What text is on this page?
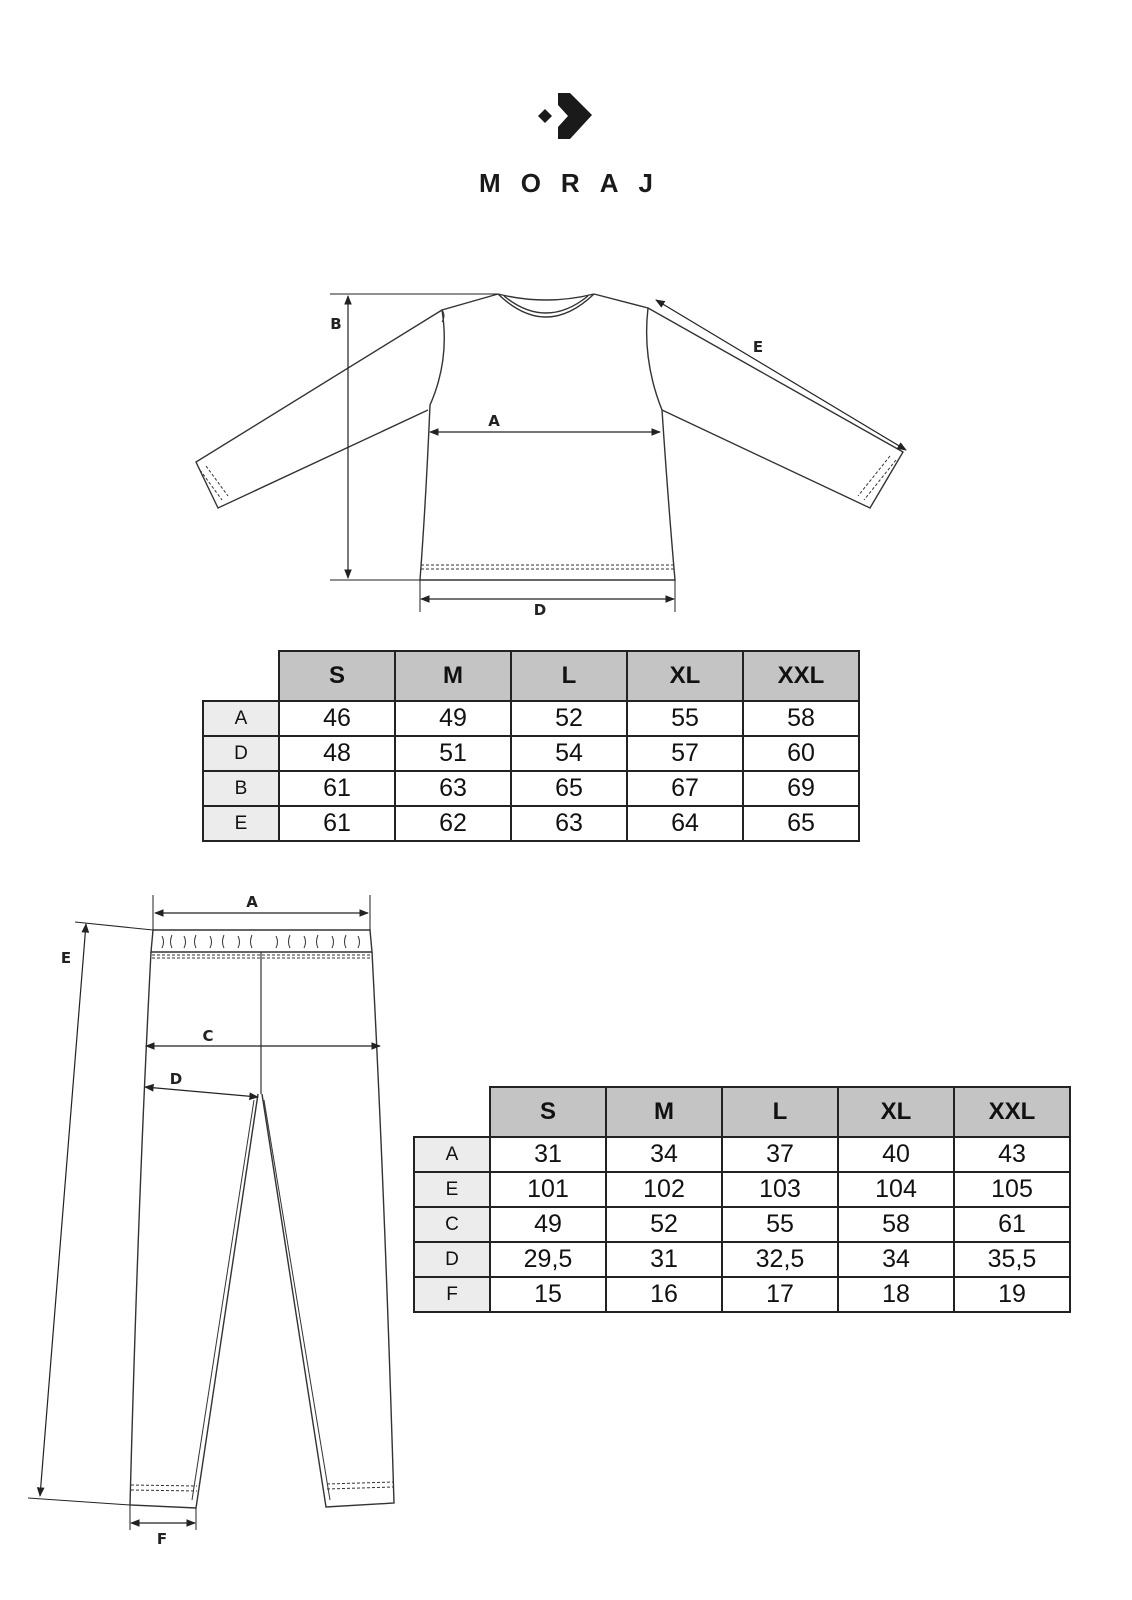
MORAJ
B
A
D
E
A
E
C
D
F
	S	M	L	XL	XXL
A	46	49	52	55	58
D	48	51	54	57	60
B	61	63	65	67	69
E	61	62	63	64	65
	S	M	L	XL	XXL
A	31	34	37	40	43
E	101	102	103	104	105
C	49	52	55	58	61
D	29,5	31	32,5	34	35,5
F	15	16	17	18	19
